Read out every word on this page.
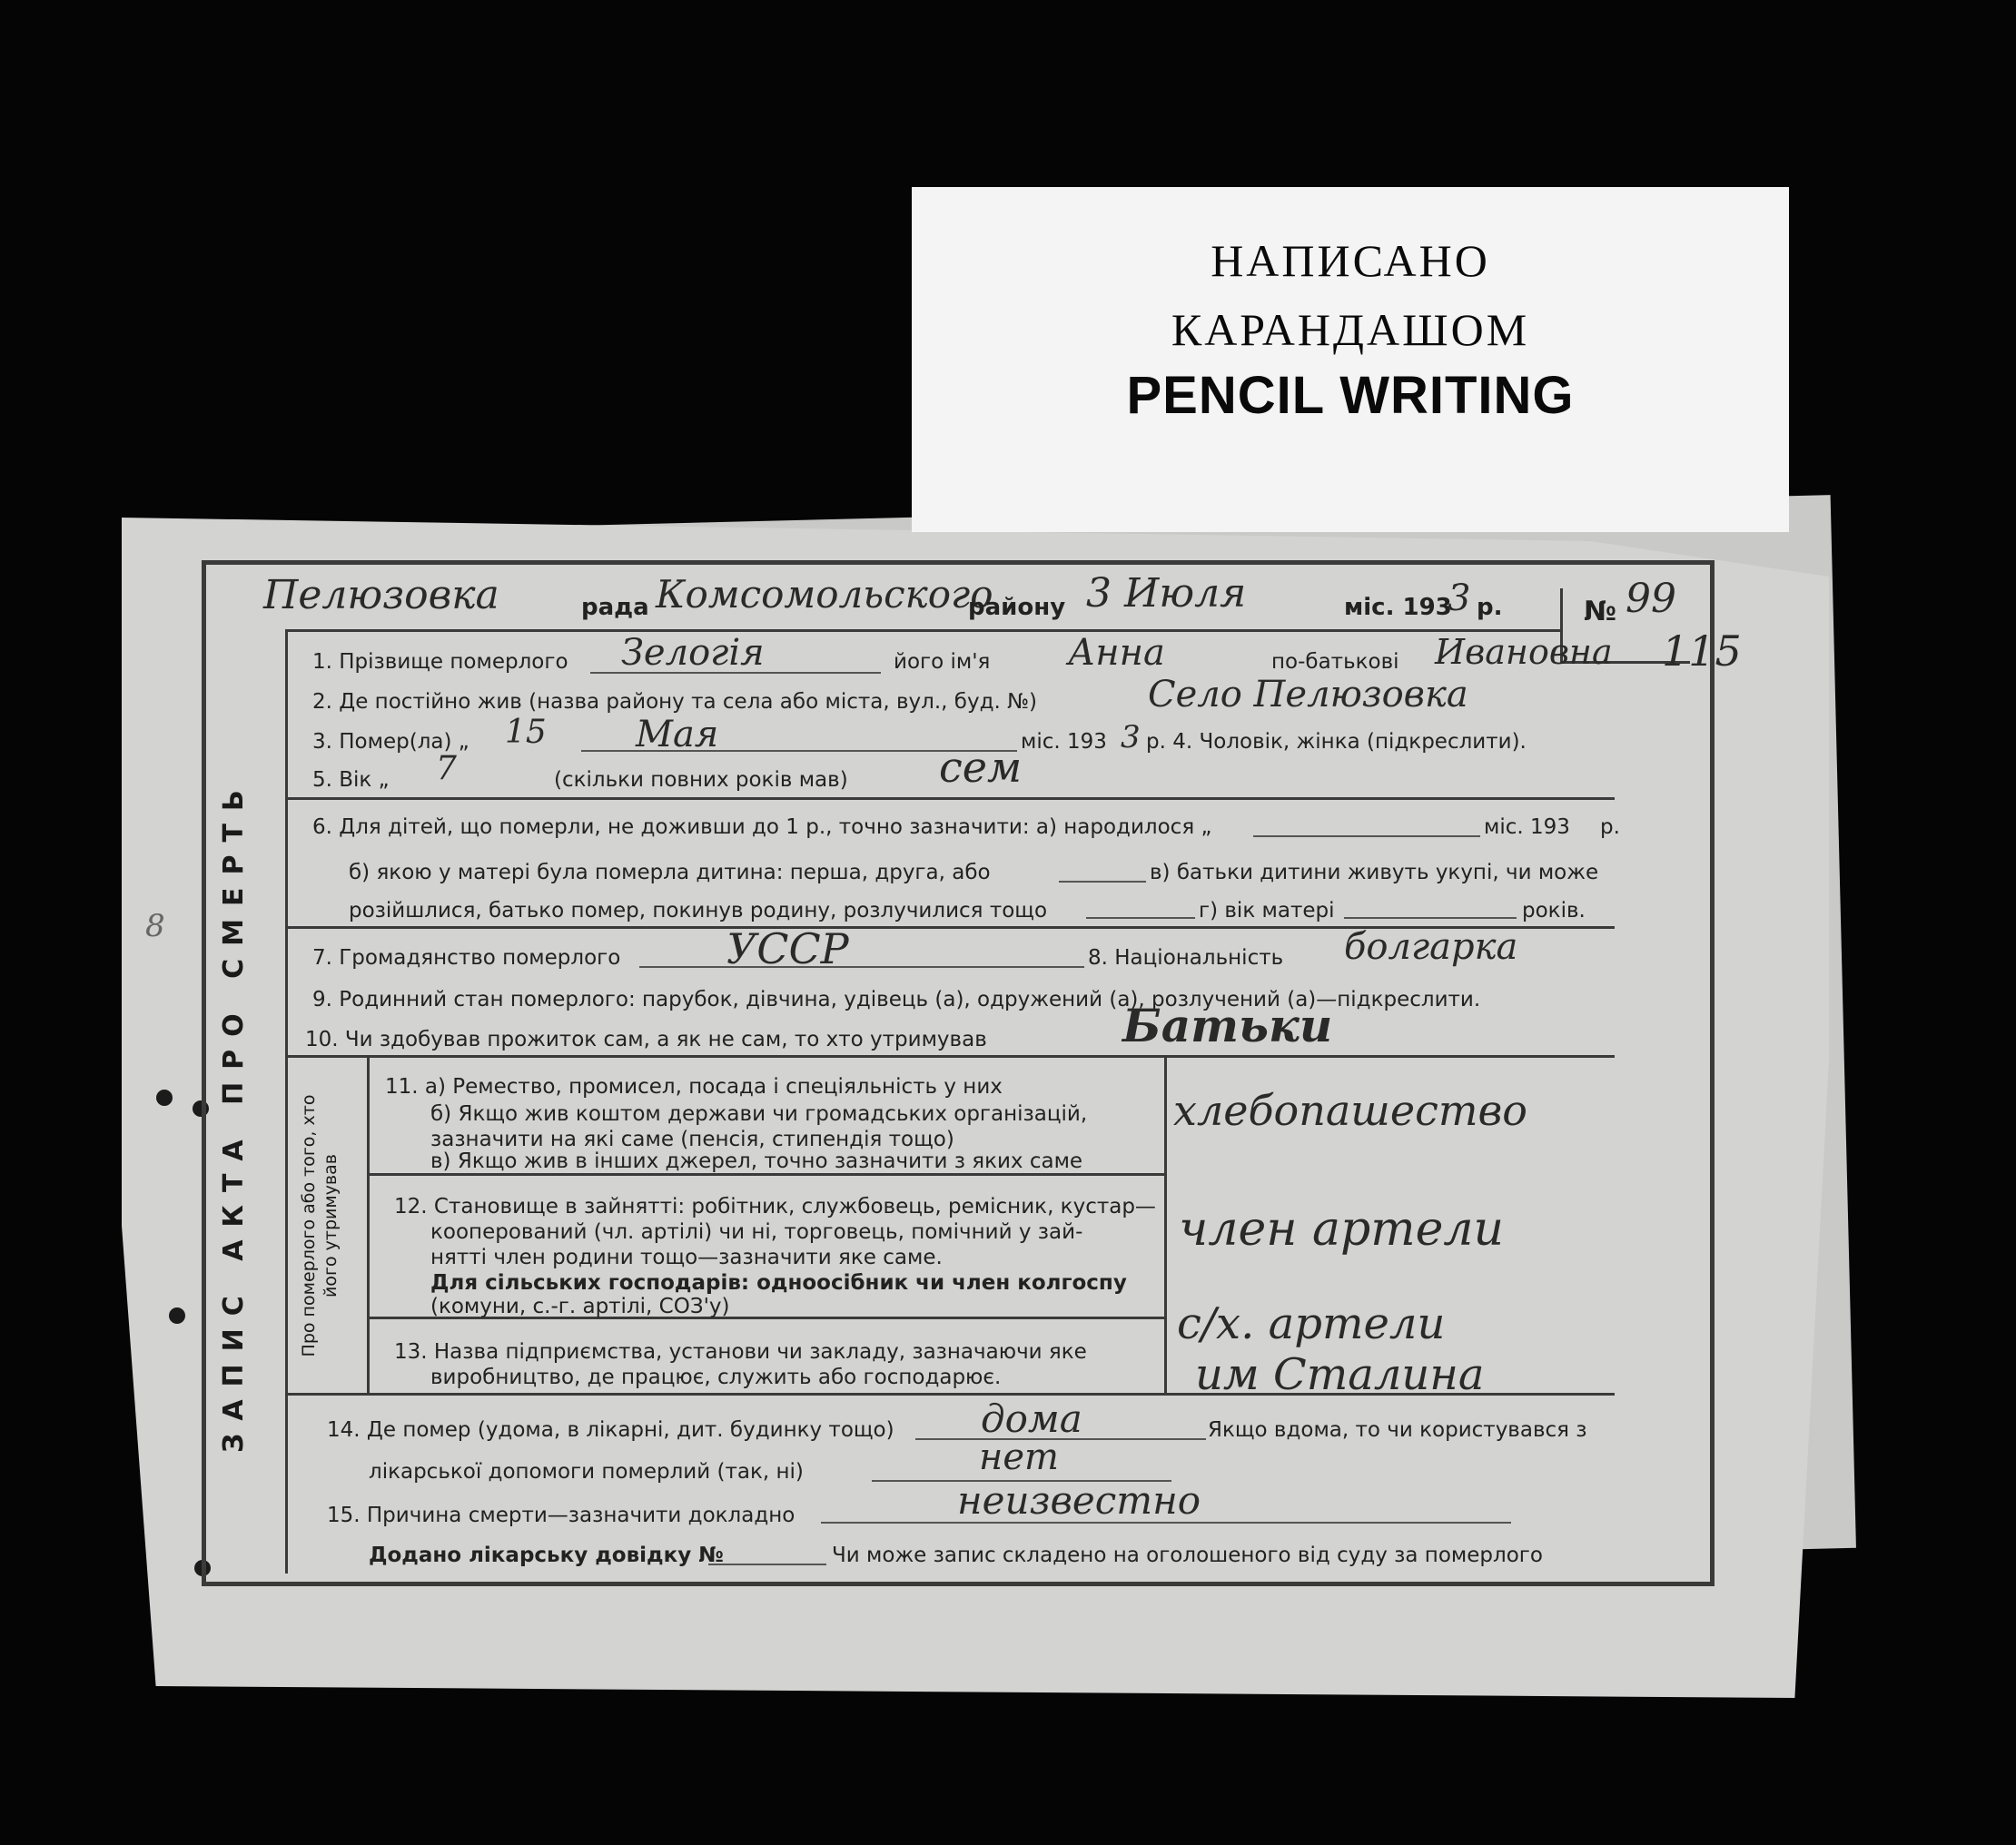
НАПИСАНО
КАРАНДАШОМ
PENCIL WRITING
ЗАПИС АКТА ПРО СМЕРТЬ	Про померлого або того, хто його утримував
8
Пелюзовка	рада Комсомольского
району 3 Июля	міс. 193
3 р.	№ 99
115
1. Прізвище померлого Зелогія	його ім'я Анна	по-батькові Ивановна
2. Де постійно жив (назва району та села або міста, вул., буд. №)	Село Пелюзовка
3. Помер(ла) „ 15 Мая	міс. 193 3 р. 4. Чоловік, жінка (підкреслити).
5. Вік „ 7	(скільки повних років мав) сем
6. Для дітей, що померли, не доживши до 1 р., точно зазначити: а) народилося „	міс. 193 р.
б) якою у матері була померла дитина: перша, друга, або	в) батьки дитини живуть укупі, чи може
розійшлися, батько помер, покинув родину, розлучилися тощо	г) вік матері	років.
7. Громадянство померлого	УССР	8. Національність болгарка
9. Родинний стан померлого: парубок, дівчина, удівець (а), одружений (а), розлучений (а)—підкреслити.
10. Чи здобував прожиток сам, а як не сам, то хто утримував	Батьки
11. а) Ремество, промисел, посада і спеціяльність у них
б) Якщо жив коштом держави чи громадських організацій,
зазначити на які саме (пенсія, стипендія тощо)
в) Якщо жив в інших джерел, точно зазначити з яких саме
хлебопашество
12. Становище в зайнятті: робітник, службовець, ремісник, кустар—
кооперований (чл. артілі) чи ні, торговець, помічний у зай-
нятті член родини тощо—зазначити яке саме.
Для сільських господарів: одноосібник чи член колгоспу
(комуни, с.-г. артілі, СОЗ'у)
член артели
13. Назва підприємства, установи чи закладу, зазначаючи яке
виробництво, де працює, служить або господарює.
с/х. артели
им Сталина
14. Де помер (удома, в лікарні, дит. будинку тощо) дома	Якщо вдома, то чи користувався з
лікарської допомоги померлий (так, ні)	нет
15. Причина смерти—зазначити докладно	неизвестно
Додано лікарську довідку №	Чи може запис складено на оголошеного від суду за померлого
